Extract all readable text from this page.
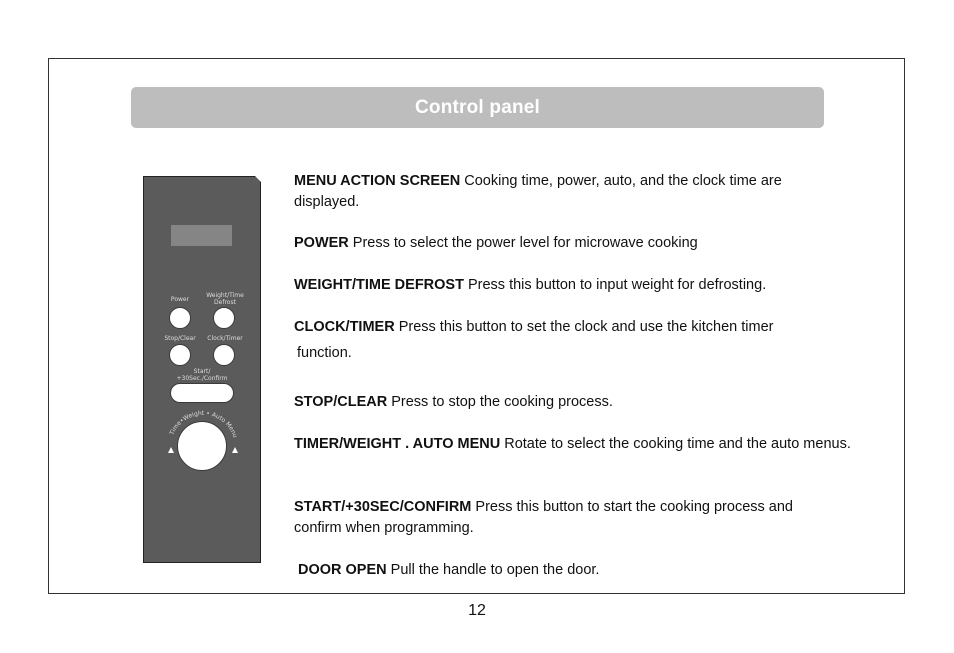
Control panel
Power
Weight/Time
Defrost
Stop/Clear	Clock/Timer
Start/
+30Sec./Confirm
Time•Weight • Auto Menu
MENU ACTION SCREEN Cooking time, power, auto, and the clock time are displayed.
POWER Press to select the power level for microwave cooking
WEIGHT/TIME DEFROST Press this button to input weight for defrosting.
CLOCK/TIMER Press this button to set the clock and use the kitchen timer
function.
STOP/CLEAR Press to stop the cooking process.
TIMER/WEIGHT . AUTO MENU Rotate to select the cooking time and the auto menus.
START/+30SEC/CONFIRM Press this button to start the cooking process and confirm when programming.
DOOR OPEN Pull the handle to open the door.
12
